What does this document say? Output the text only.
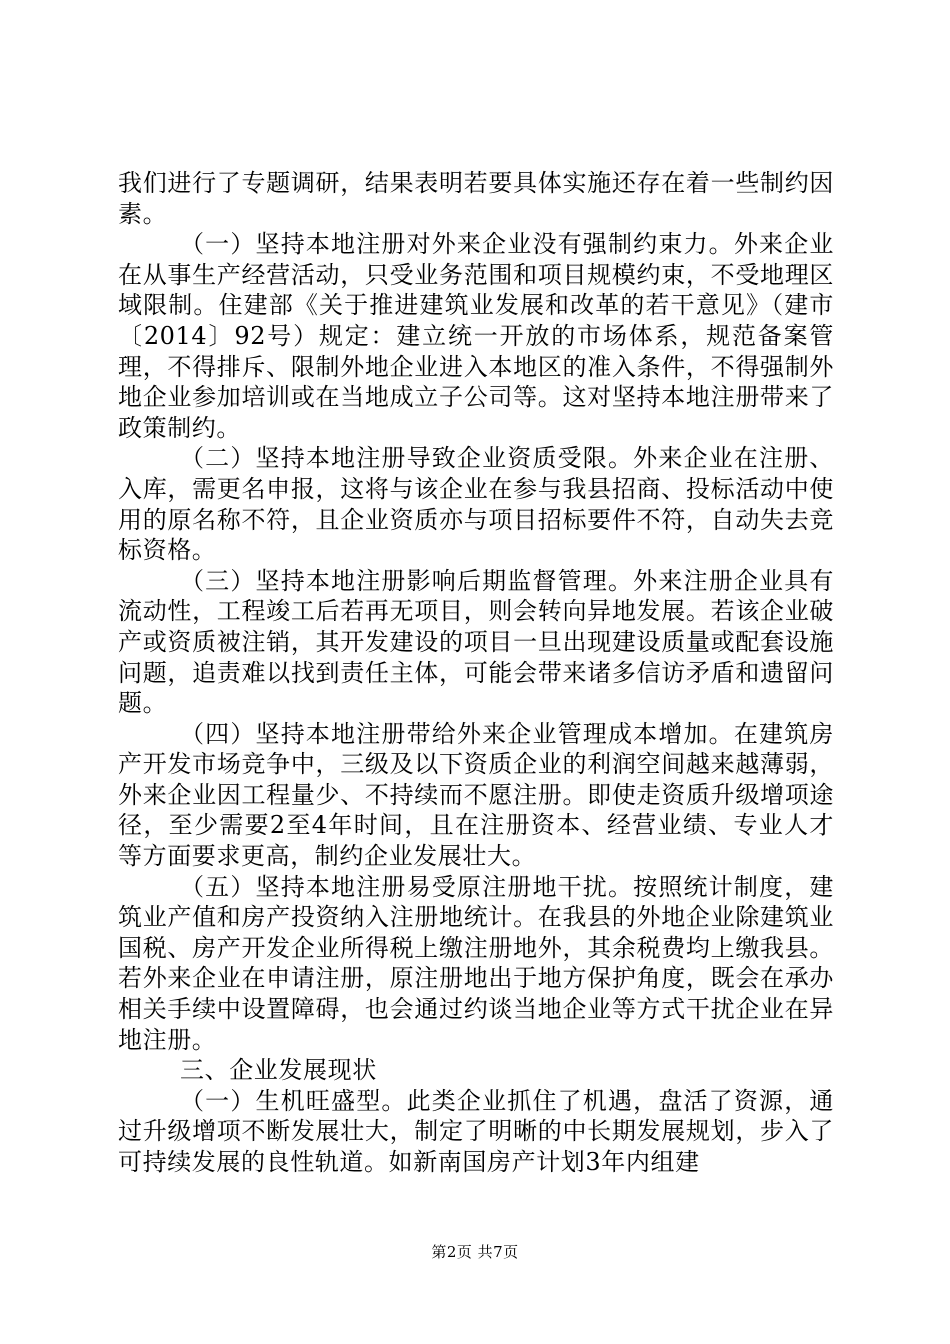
我们进行了专题调研，结果表明若要具体实施还存在着一些制约因素。

（一）坚持本地注册对外来企业没有强制约束力。外来企业在从事生产经营活动，只受业务范围和项目规模约束，不受地理区域限制。住建部《关于推进建筑业发展和改革的若干意见》（建市〔2014〕92号）规定：建立统一开放的市场体系，规范备案管理，不得排斥、限制外地企业进入本地区的准入条件，不得强制外地企业参加培训或在当地成立子公司等。这对坚持本地注册带来了政策制约。

（二）坚持本地注册导致企业资质受限。外来企业在注册、入库，需更名申报，这将与该企业在参与我县招商、投标活动中使用的原名称不符，且企业资质亦与项目招标要件不符，自动失去竞标资格。

（三）坚持本地注册影响后期监督管理。外来注册企业具有流动性，工程竣工后若再无项目，则会转向异地发展。若该企业破产或资质被注销，其开发建设的项目一旦出现建设质量或配套设施问题，追责难以找到责任主体，可能会带来诸多信访矛盾和遗留问题。

（四）坚持本地注册带给外来企业管理成本增加。在建筑房产开发市场竞争中，三级及以下资质企业的利润空间越来越薄弱，外来企业因工程量少、不持续而不愿注册。即使走资质升级增项途径，至少需要2至4年时间，且在注册资本、经营业绩、专业人才等方面要求更高，制约企业发展壮大。

（五）坚持本地注册易受原注册地干扰。按照统计制度，建筑业产值和房产投资纳入注册地统计。在我县的外地企业除建筑业国税、房产开发企业所得税上缴注册地外，其余税费均上缴我县。若外来企业在申请注册，原注册地出于地方保护角度，既会在承办相关手续中设置障碍，也会通过约谈当地企业等方式干扰企业在异地注册。

三、企业发展现状

（一）生机旺盛型。此类企业抓住了机遇，盘活了资源，通过升级增项不断发展壮大，制定了明晰的中长期发展规划，步入了可持续发展的良性轨道。如新南国房产计划3年内组建

第2页 共7页
